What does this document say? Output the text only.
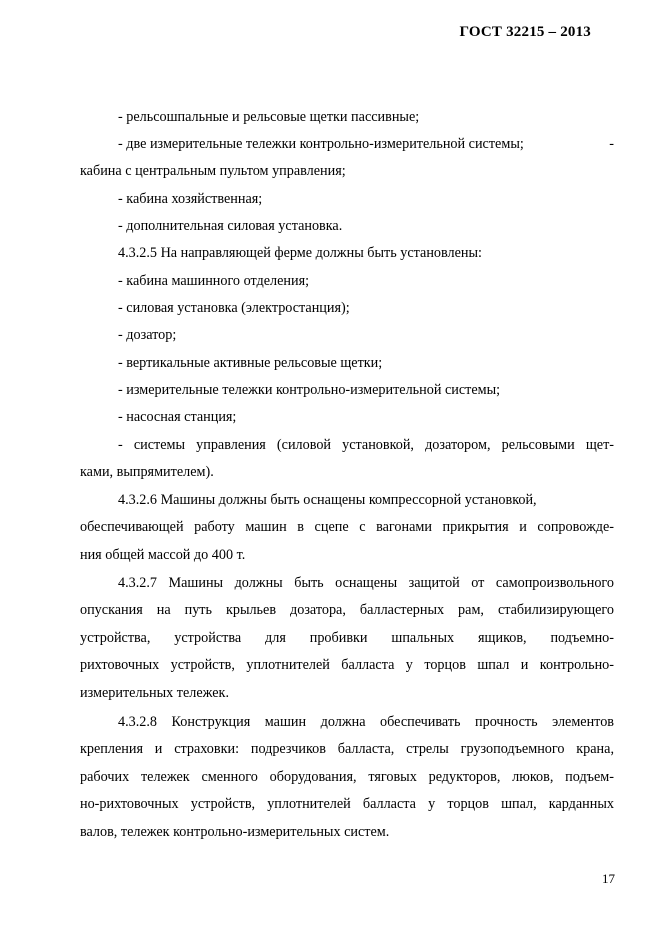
ГОСТ 32215 – 2013
- рельсошпальные и рельсовые щетки пассивные;
- две измерительные тележки контрольно-измерительной системы;	-
кабина с центральным пультом управления;
- кабина хозяйственная;
- дополнительная силовая установка.
4.3.2.5 На направляющей ферме должны быть установлены:
- кабина машинного отделения;
- силовая установка (электростанция);
- дозатор;
- вертикальные активные рельсовые щетки;
- измерительные тележки контрольно-измерительной системы;
- насосная станция;
- системы управления (силовой установкой, дозатором, рельсовыми щет-
ками, выпрямителем).
4.3.2.6 Машины должны быть оснащены компрессорной установкой,
обеспечивающей работу машин в сцепе с вагонами прикрытия и сопровожде-
ния общей массой до 400 т.
4.3.2.7 Машины должны быть оснащены защитой от самопроизвольного
опускания на путь крыльев дозатора, балластерных рам, стабилизирующего
устройства, устройства для пробивки шпальных ящиков, подъемно-
рихтовочных устройств, уплотнителей балласта у торцов шпал и контрольно-
измерительных тележек.
4.3.2.8 Конструкция машин должна обеспечивать прочность элементов
крепления и страховки: подрезчиков балласта, стрелы грузоподъемного крана,
рабочих тележек сменного оборудования, тяговых редукторов, люков, подъем-
но-рихтовочных устройств, уплотнителей балласта у торцов шпал, карданных
валов, тележек контрольно-измерительных систем.
17
